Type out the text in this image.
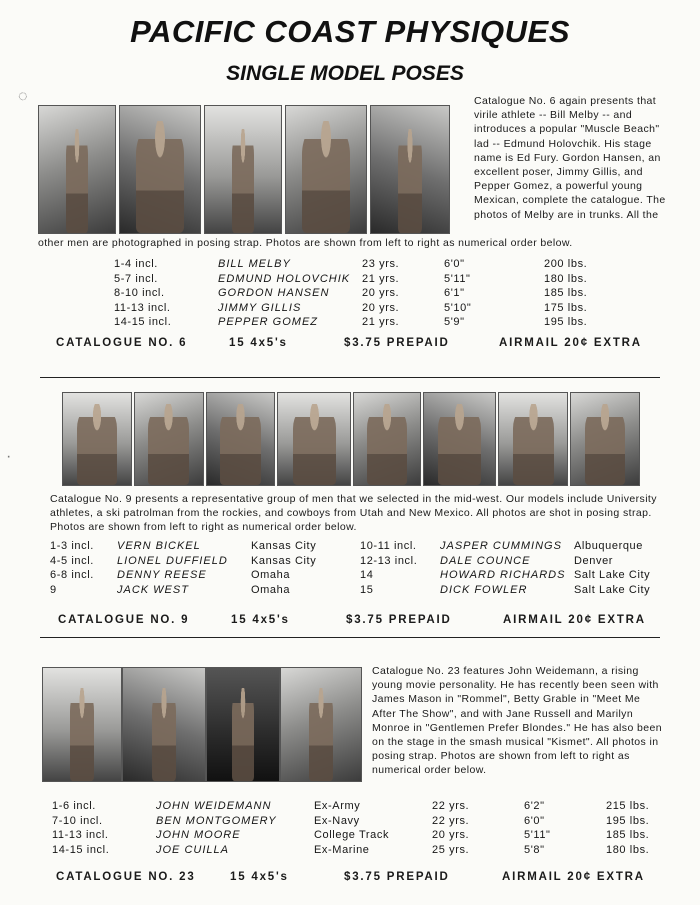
PACIFIC COAST PHYSIQUES
SINGLE MODEL POSES
◌
·

Catalogue No. 6 again presents that virile athlete -- Bill Melby -- and introduces a popular "Muscle Beach" lad -- Edmund Holovchik. His stage name is Ed Fury. Gordon Hansen, an excellent poser, Jimmy Gillis, and Pepper Gomez, a powerful young Mexican, complete the catalogue. The photos of Melby are in trunks. All the

other men are photographed in posing strap. Photos are shown from left to right as numerical order below.

1-4 incl.	BILL MELBY	23 yrs.	6'0"	200 lbs.
5-7 incl.	EDMUND HOLOVCHIK	21 yrs.	5'11"	180 lbs.
8-10 incl.	GORDON HANSEN	20 yrs.	6'1"	185 lbs.
11-13 incl.	JIMMY GILLIS	20 yrs.	5'10"	175 lbs.
14-15 incl.	PEPPER GOMEZ	21 yrs.	5'9"	195 lbs.
CATALOGUE NO. 6	15 4x5's	$3.75 PREPAID	AIRMAIL 20¢ EXTRA

Catalogue No. 9 presents a representative group of men that we selected in the mid-west. Our models include University athletes, a ski patrolman from the rockies, and cowboys from Utah and New Mexico. All photos are shot in posing strap. Photos are shown from left to right as numerical order below.

1-3 incl.	VERN BICKEL	Kansas City
4-5 incl.	LIONEL DUFFIELD	Kansas City
6-8 incl.	DENNY REESE	Omaha
9	JACK WEST	Omaha
10-11 incl.	JASPER CUMMINGS	Albuquerque
12-13 incl.	DALE COUNCE	Denver
14	HOWARD RICHARDS	Salt Lake City
15	DICK FOWLER	Salt Lake City
CATALOGUE NO. 9	15 4x5's	$3.75 PREPAID	AIRMAIL 20¢ EXTRA

Catalogue No. 23 features John Weidemann, a rising young movie personality. He has recently been seen with James Mason in "Rommel", Betty Grable in "Meet Me After The Show", and with Jane Russell and Marilyn Monroe in "Gentlemen Prefer Blondes." He has also been on the stage in the smash musical "Kismet". All photos in posing strap. Photos are shown from left to right as numerical order below.

1-6 incl.	JOHN WEIDEMANN	Ex-Army	22 yrs.	6'2"	215 lbs.
7-10 incl.	BEN MONTGOMERY	Ex-Navy	22 yrs.	6'0"	195 lbs.
11-13 incl.	JOHN MOORE	College Track	20 yrs.	5'11"	185 lbs.
14-15 incl.	JOE CUILLA	Ex-Marine	25 yrs.	5'8"	180 lbs.
CATALOGUE NO. 23	15 4x5's	$3.75 PREPAID	AIRMAIL 20¢ EXTRA
